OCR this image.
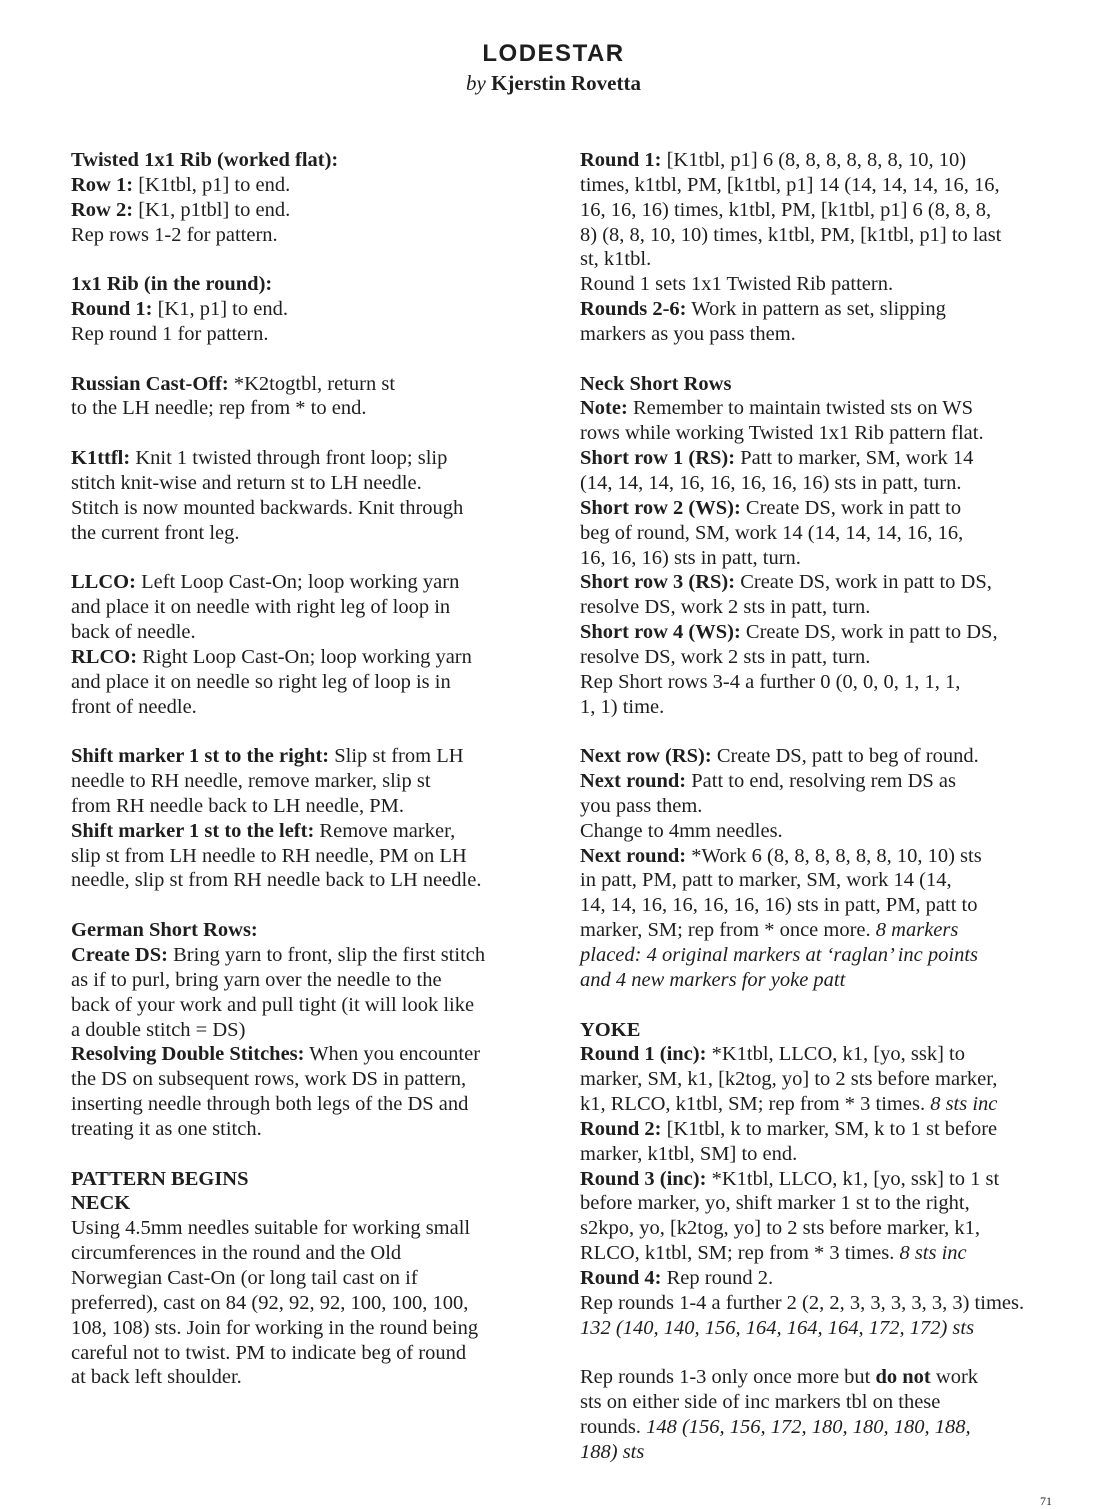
LODESTAR
by Kjerstin Rovetta
Twisted 1x1 Rib (worked flat):
Row 1: [K1tbl, p1] to end.
Row 2: [K1, p1tbl] to end.
Rep rows 1-2 for pattern.
1x1 Rib (in the round):
Round 1: [K1, p1] to end.
Rep round 1 for pattern.
Russian Cast-Off: *K2togtbl, return st
to the LH needle; rep from * to end.
K1ttfl: Knit 1 twisted through front loop; slip
stitch knit-wise and return st to LH needle.
Stitch is now mounted backwards. Knit through
the current front leg.
LLCO: Left Loop Cast-On; loop working yarn
and place it on needle with right leg of loop in
back of needle.
RLCO: Right Loop Cast-On; loop working yarn
and place it on needle so right leg of loop is in
front of needle.
Shift marker 1 st to the right: Slip st from LH
needle to RH needle, remove marker, slip st
from RH needle back to LH needle, PM.
Shift marker 1 st to the left: Remove marker,
slip st from LH needle to RH needle, PM on LH
needle, slip st from RH needle back to LH needle.
German Short Rows:
Create DS: Bring yarn to front, slip the first stitch
as if to purl, bring yarn over the needle to the
back of your work and pull tight (it will look like
a double stitch = DS)
Resolving Double Stitches: When you encounter
the DS on subsequent rows, work DS in pattern,
inserting needle through both legs of the DS and
treating it as one stitch.
PATTERN BEGINS
NECK
Using 4.5mm needles suitable for working small
circumferences in the round and the Old
Norwegian Cast-On (or long tail cast on if
preferred), cast on 84 (92, 92, 92, 100, 100, 100,
108, 108) sts. Join for working in the round being
careful not to twist. PM to indicate beg of round
at back left shoulder.
Round 1: [K1tbl, p1] 6 (8, 8, 8, 8, 8, 8, 10, 10)
times, k1tbl, PM, [k1tbl, p1] 14 (14, 14, 14, 16, 16,
16, 16, 16) times, k1tbl, PM, [k1tbl, p1] 6 (8, 8, 8,
8) (8, 8, 10, 10) times, k1tbl, PM, [k1tbl, p1] to last
st, k1tbl.
Round 1 sets 1x1 Twisted Rib pattern.
Rounds 2-6: Work in pattern as set, slipping
markers as you pass them.
Neck Short Rows
Note: Remember to maintain twisted sts on WS
rows while working Twisted 1x1 Rib pattern flat.
Short row 1 (RS): Patt to marker, SM, work 14
(14, 14, 14, 16, 16, 16, 16, 16) sts in patt, turn.
Short row 2 (WS): Create DS, work in patt to
beg of round, SM, work 14 (14, 14, 14, 16, 16,
16, 16, 16) sts in patt, turn.
Short row 3 (RS): Create DS, work in patt to DS,
resolve DS, work 2 sts in patt, turn.
Short row 4 (WS): Create DS, work in patt to DS,
resolve DS, work 2 sts in patt, turn.
Rep Short rows 3-4 a further 0 (0, 0, 0, 1, 1, 1,
1, 1) time.
Next row (RS): Create DS, patt to beg of round.
Next round: Patt to end, resolving rem DS as
you pass them.
Change to 4mm needles.
Next round: *Work 6 (8, 8, 8, 8, 8, 8, 10, 10) sts
in patt, PM, patt to marker, SM, work 14 (14,
14, 14, 16, 16, 16, 16, 16) sts in patt, PM, patt to
marker, SM; rep from * once more. 8 markers
placed: 4 original markers at ‘raglan’ inc points
and 4 new markers for yoke patt
YOKE
Round 1 (inc): *K1tbl, LLCO, k1, [yo, ssk] to
marker, SM, k1, [k2tog, yo] to 2 sts before marker,
k1, RLCO, k1tbl, SM; rep from * 3 times. 8 sts inc
Round 2: [K1tbl, k to marker, SM, k to 1 st before
marker, k1tbl, SM] to end.
Round 3 (inc): *K1tbl, LLCO, k1, [yo, ssk] to 1 st
before marker, yo, shift marker 1 st to the right,
s2kpo, yo, [k2tog, yo] to 2 sts before marker, k1,
RLCO, k1tbl, SM; rep from * 3 times. 8 sts inc
Round 4: Rep round 2.
Rep rounds 1-4 a further 2 (2, 2, 3, 3, 3, 3, 3, 3) times.
132 (140, 140, 156, 164, 164, 164, 172, 172) sts
Rep rounds 1-3 only once more but do not work
sts on either side of inc markers tbl on these
rounds. 148 (156, 156, 172, 180, 180, 180, 188,
188) sts
71
